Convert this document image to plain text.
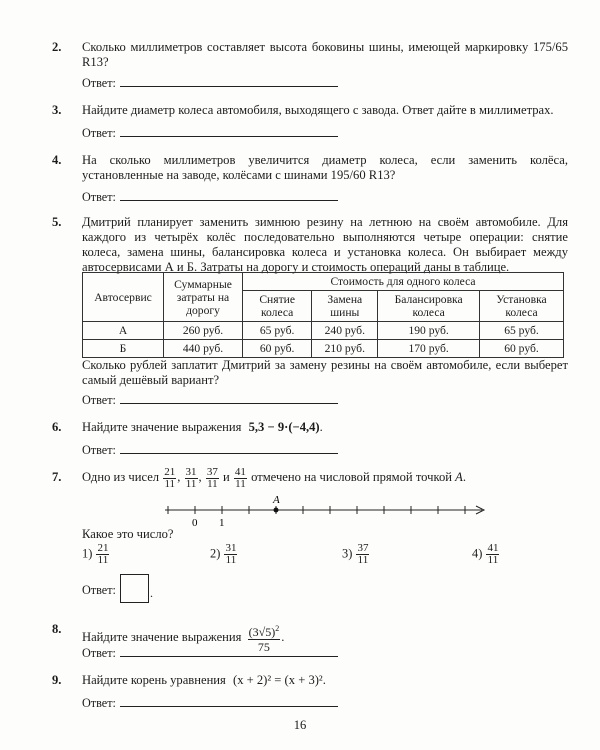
2. Сколько миллиметров составляет высота боковины шины, имеющей маркировку 175/65 R13?
Ответ:
3. Найдите диаметр колеса автомобиля, выходящего с завода. Ответ дайте в миллиметрах.
Ответ:
4. На сколько миллиметров увеличится диаметр колеса, если заменить колёса, установленные на заводе, колёсами с шинами 195/60 R13?
Ответ:
5. Дмитрий планирует заменить зимнюю резину на летнюю на своём автомобиле. Для каждого из четырёх колёс последовательно выполняются четыре операции: снятие колеса, замена шины, балансировка колеса и установка колеса. Он выбирает между автосервисами А и Б. Затраты на дорогу и стоимость операций даны в таблице.
Автосервис	Суммарные затраты на дорогу	Стоимость для одного колеса			
		Снятие колеса	Замена шины	Балансировка колеса	Установка колеса
А	260 руб.	65 руб.	240 руб.	190 руб.	65 руб.
Б	440 руб.	60 руб.	210 руб.	170 руб.	60 руб.
Сколько рублей заплатит Дмитрий за замену резины на своём автомобиле, если выберет самый дешёвый вариант?
Ответ:
6. Найдите значение выражения 5,3 − 9·(−4,4).
Ответ:
7. Одно из чисел $\frac{21}{11}$ , $\frac{31}{11}$ , $\frac{37}{11}$ и $\frac{41}{11}$ отмечено на числовой прямой точкой A.
A
0 1
Какое это число?
$1) \frac{21}{11}$	$2) \frac{31}{11}$	$3) \frac{37}{11}$	$4) \frac{41}{11}$
Ответ:	.
8.
Найдите значение выражения $\frac{(3√5)^2}{75}$ .
Ответ:
9. Найдите корень уравнения (x + 2)² = (x + 3)².
Ответ:
16
